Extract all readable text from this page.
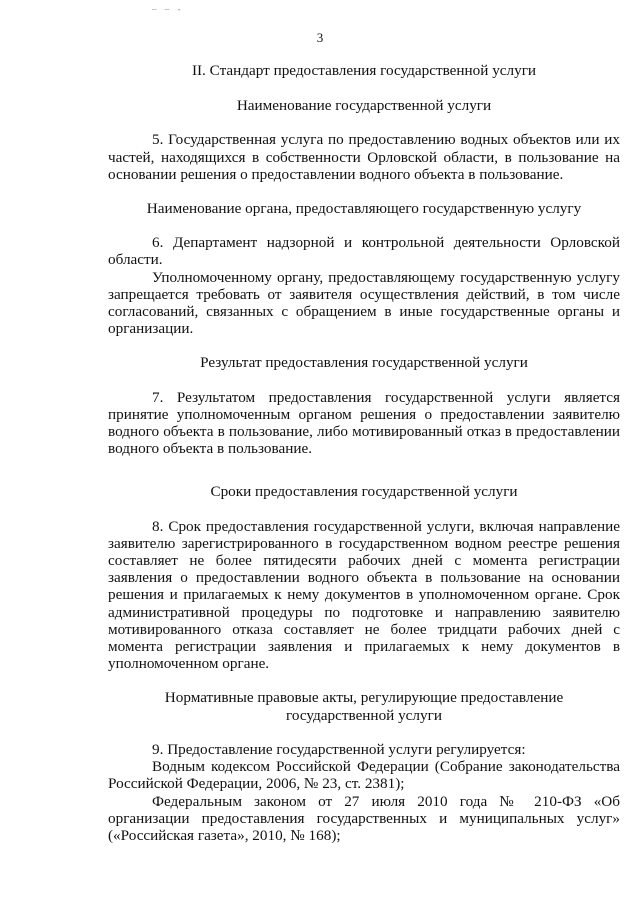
– – -
3

II. Стандарт предоставления государственной услуги

Наименование государственной услуги

5. Государственная услуга по предоставлению водных объектов или их частей, находящихся в собственности Орловской области, в пользование на основании решения о предоставлении водного объекта в пользование.

Наименование органа, предоставляющего государственную услугу

6. Департамент надзорной и контрольной деятельности Орловской области.

Уполномоченному органу, предоставляющему государственную услугу запрещается требовать от заявителя осуществления действий, в том числе согласований, связанных с обращением в иные государственные органы и организации.

Результат предоставления государственной услуги

7. Результатом предоставления государственной услуги является принятие уполномоченным органом решения о предоставлении заявителю водного объекта в пользование, либо мотивированный отказ в предоставлении водного объекта в пользование.

Сроки предоставления государственной услуги

8. Срок предоставления государственной услуги, включая направление заявителю зарегистрированного в государственном водном реестре решения составляет не более пятидесяти рабочих дней с момента регистрации заявления о предоставлении водного объекта в пользование на основании решения и прилагаемых к нему документов в уполномоченном органе. Срок административной процедуры по подготовке и направлению заявителю мотивированного отказа составляет не более тридцати рабочих дней с момента регистрации заявления и прилагаемых к нему документов в уполномоченном органе.

Нормативные правовые акты, регулирующие предоставление

государственной услуги

9. Предоставление государственной услуги регулируется:

Водным кодексом Российской Федерации (Собрание законодательства Российской Федерации, 2006, № 23, ст. 2381);

Федеральным законом от 27 июля 2010 года № 210-ФЗ «Об организации предоставления государственных и муниципальных услуг» («Российская газета», 2010, № 168);
